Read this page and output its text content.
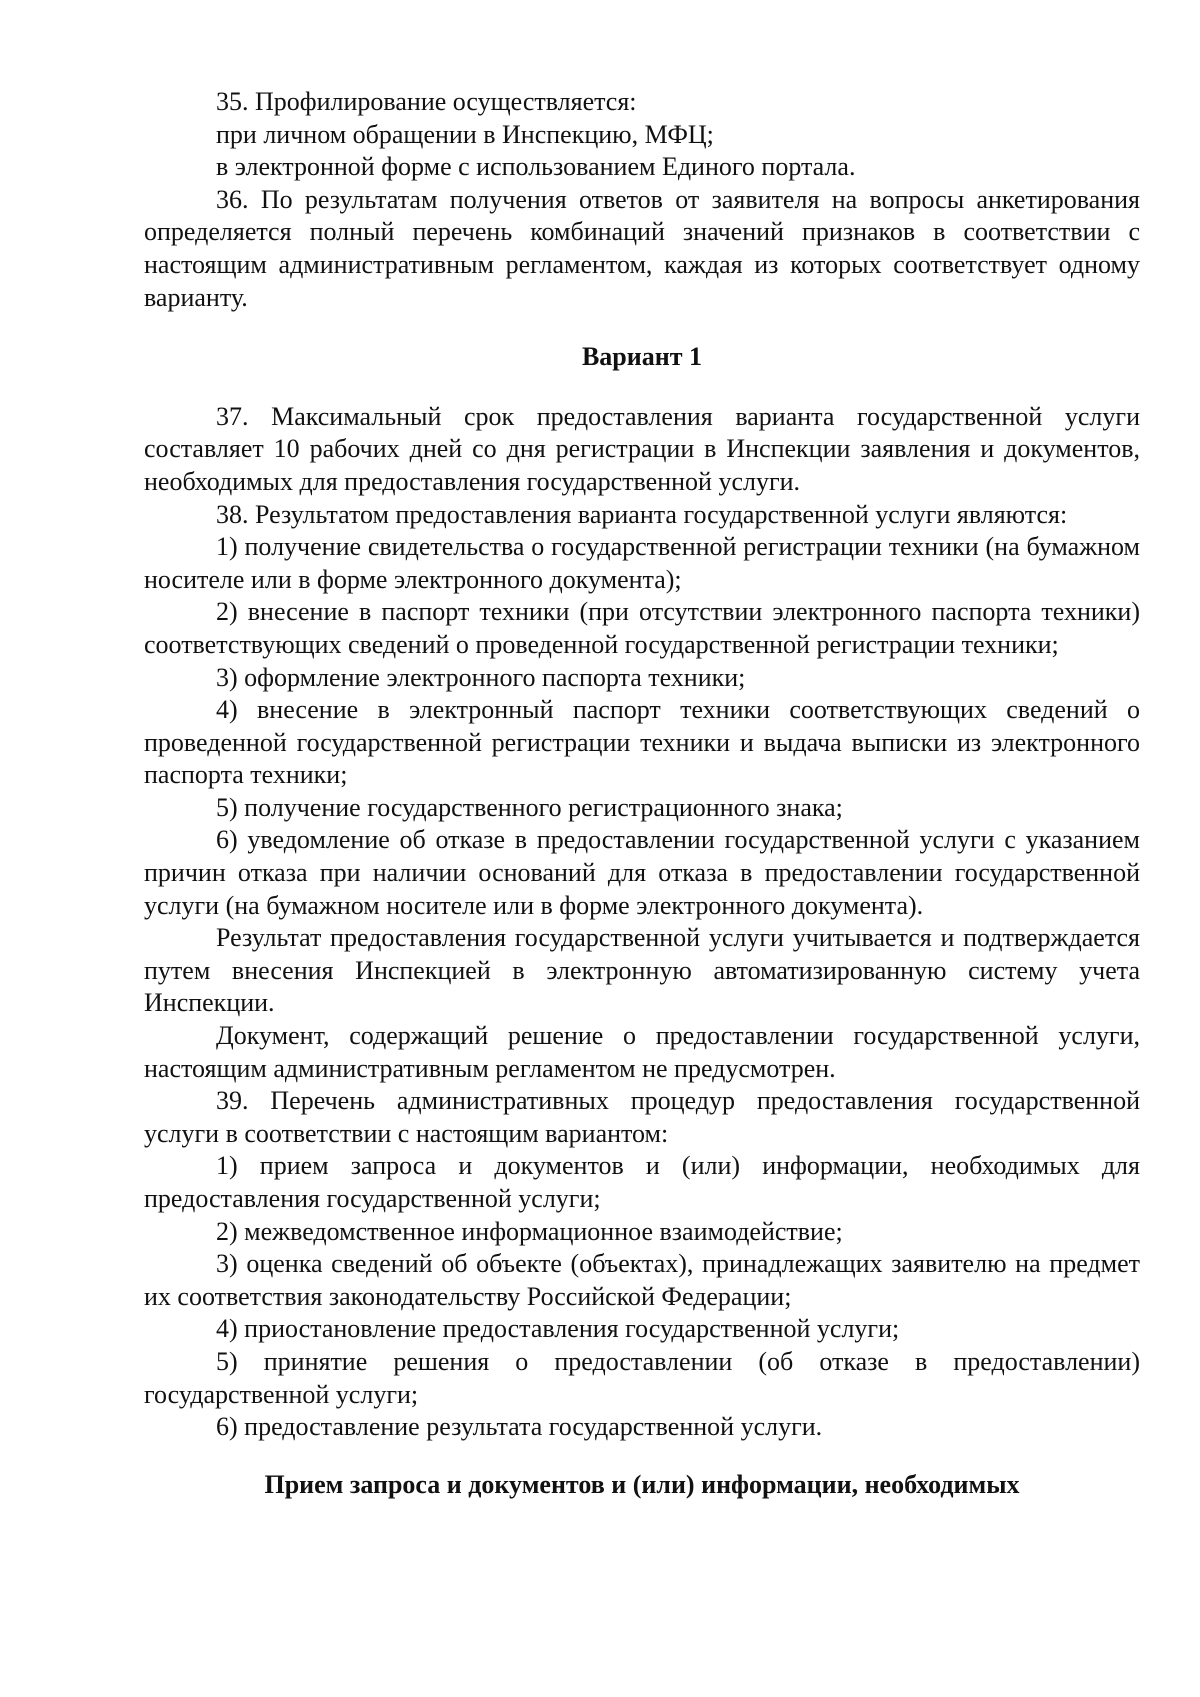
35. Профилирование осуществляется:

при личном обращении в Инспекцию, МФЦ;

в электронной форме с использованием Единого портала.

36. По результатам получения ответов от заявителя на вопросы анкетирования определяется полный перечень комбинаций значений признаков в соответствии с настоящим административным регламентом, каждая из которых соответствует одному варианту.

Вариант 1

37. Максимальный срок предоставления варианта государственной услуги составляет 10 рабочих дней со дня регистрации в Инспекции заявления и документов, необходимых для предоставления государственной услуги.

38. Результатом предоставления варианта государственной услуги являются:

1) получение свидетельства о государственной регистрации техники (на бумажном носителе или в форме электронного документа);

2) внесение в паспорт техники (при отсутствии электронного паспорта техники) соответствующих сведений о проведенной государственной регистрации техники;

3) оформление электронного паспорта техники;

4) внесение в электронный паспорт техники соответствующих сведений о проведенной государственной регистрации техники и выдача выписки из электронного паспорта техники;

5) получение государственного регистрационного знака;

6) уведомление об отказе в предоставлении государственной услуги с указанием причин отказа при наличии оснований для отказа в предоставлении государственной услуги (на бумажном носителе или в форме электронного документа).

Результат предоставления государственной услуги учитывается и подтверждается путем внесения Инспекцией в электронную автоматизированную систему учета Инспекции.

Документ, содержащий решение о предоставлении государственной услуги, настоящим административным регламентом не предусмотрен.

39. Перечень административных процедур предоставления государственной услуги в соответствии с настоящим вариантом:

1) прием запроса и документов и (или) информации, необходимых для предоставления государственной услуги;

2) межведомственное информационное взаимодействие;

3) оценка сведений об объекте (объектах), принадлежащих заявителю на предмет их соответствия законодательству Российской Федерации;

4) приостановление предоставления государственной услуги;

5) принятие решения о предоставлении (об отказе в предоставлении) государственной услуги;

6) предоставление результата государственной услуги.

Прием запроса и документов и (или) информации, необходимых
